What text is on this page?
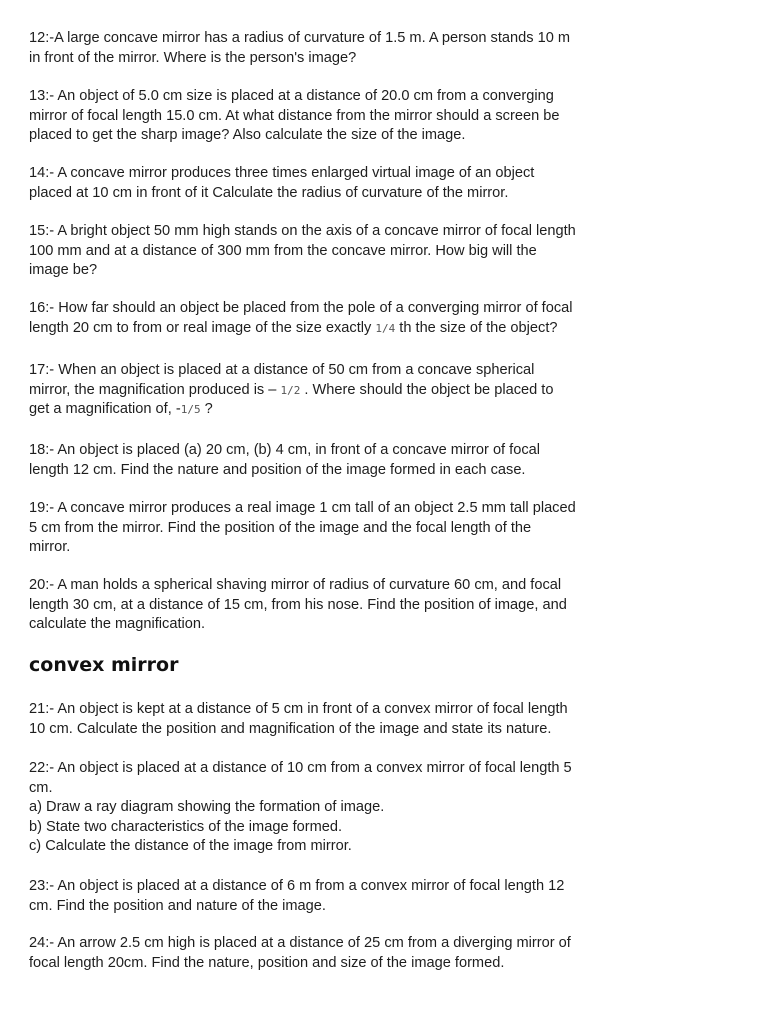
12:-A large concave mirror has a radius of curvature of 1.5 m. A person stands 10 m
in front of the mirror. Where is the person's image?

13:- An object of 5.0 cm size is placed at a distance of 20.0 cm from a converging
mirror of focal length 15.0 cm. At what distance from the mirror should a screen be
placed to get the sharp image? Also calculate the size of the image.

14:- A concave mirror produces three times enlarged virtual image of an object
placed at 10 cm in front of it Calculate the radius of curvature of the mirror.

15:- A bright object 50 mm high stands on the axis of a concave mirror of focal length
100 mm and at a distance of 300 mm from the concave mirror. How big will the
image be?

16:- How far should an object be placed from the pole of a converging mirror of focal
length 20 cm to from or real image of the size exactly 1/4 th the size of the object?

17:- When an object is placed at a distance of 50 cm from a concave spherical
mirror, the magnification produced is – 1/2 . Where should the object be placed to
get a magnification of, -1/5 ?

18:- An object is placed (a) 20 cm, (b) 4 cm, in front of a concave mirror of focal
length 12 cm. Find the nature and position of the image formed in each case.

19:- A concave mirror produces a real image 1 cm tall of an object 2.5 mm tall placed
5 cm from the mirror. Find the position of the image and the focal length of the
mirror.

20:- A man holds a spherical shaving mirror of radius of curvature 60 cm, and focal
length 30 cm, at a distance of 15 cm, from his nose. Find the position of image, and
calculate the magnification.

convex mirror

21:- An object is kept at a distance of 5 cm in front of a convex mirror of focal length
10 cm. Calculate the position and magnification of the image and state its nature.

22:- An object is placed at a distance of 10 cm from a convex mirror of focal length 5
cm.
a) Draw a ray diagram showing the formation of image.
b) State two characteristics of the image formed.
c) Calculate the distance of the image from mirror.

23:- An object is placed at a distance of 6 m from a convex mirror of focal length 12
cm. Find the position and nature of the image.

24:- An arrow 2.5 cm high is placed at a distance of 25 cm from a diverging mirror of
focal length 20cm. Find the nature, position and size of the image formed.
